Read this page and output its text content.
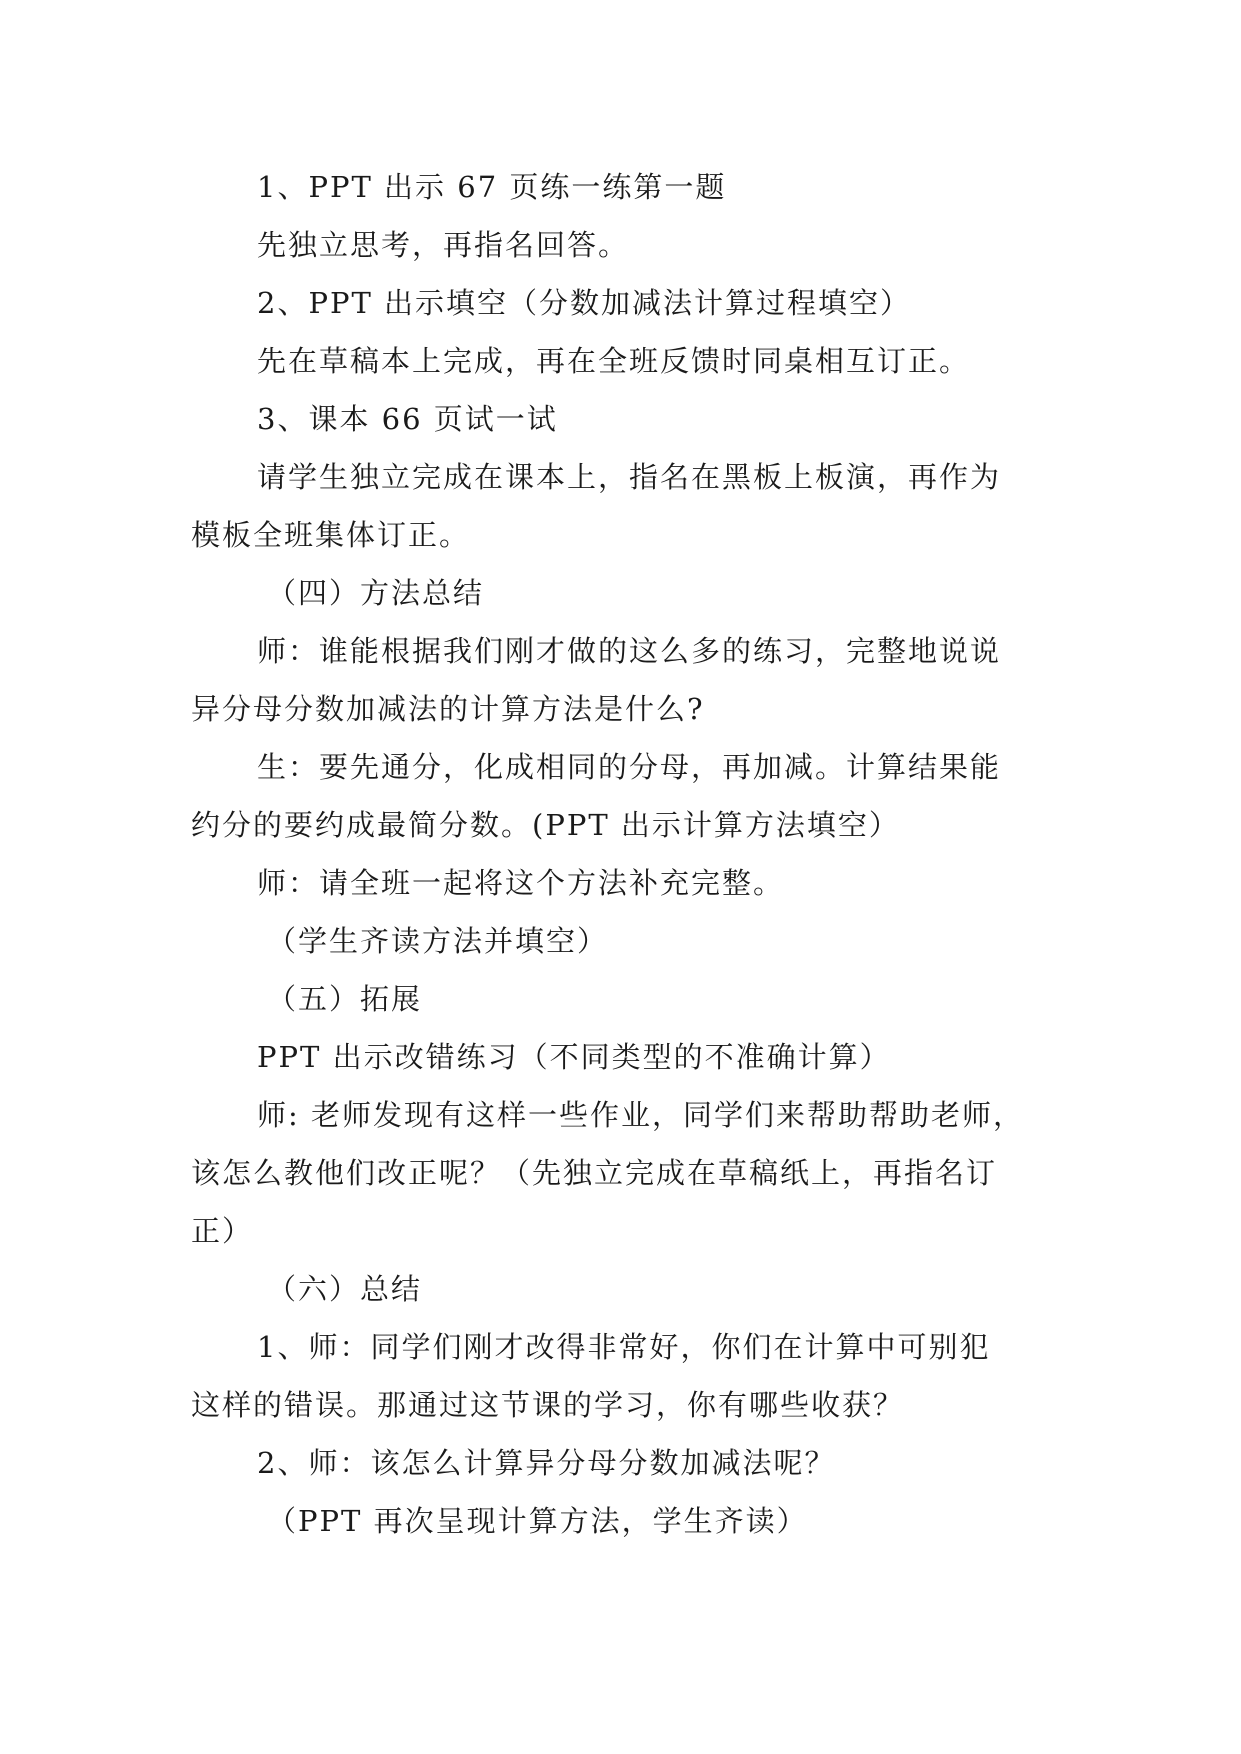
1、PPT 出示 67 页练一练第一题
先独立思考，再指名回答。
2、PPT 出示填空（分数加减法计算过程填空）
先在草稿本上完成，再在全班反馈时同桌相互订正。
3、课本 66 页试一试
请学生独立完成在课本上，指名在黑板上板演，再作为
模板全班集体订正。
（四）方法总结
师：谁能根据我们刚才做的这么多的练习，完整地说说
异分母分数加减法的计算方法是什么?
生：要先通分，化成相同的分母，再加减。计算结果能
约分的要约成最简分数。(PPT 出示计算方法填空）
师：请全班一起将这个方法补充完整。
（学生齐读方法并填空）
（五）拓展
PPT 出示改错练习（不同类型的不准确计算）
师: 老师发现有这样一些作业，同学们来帮助帮助老师，
该怎么教他们改正呢？（先独立完成在草稿纸上，再指名订
正）
（六）总结
1、师：同学们刚才改得非常好，你们在计算中可别犯
这样的错误。那通过这节课的学习，你有哪些收获？
2、师：该怎么计算异分母分数加减法呢？
（PPT 再次呈现计算方法，学生齐读）
